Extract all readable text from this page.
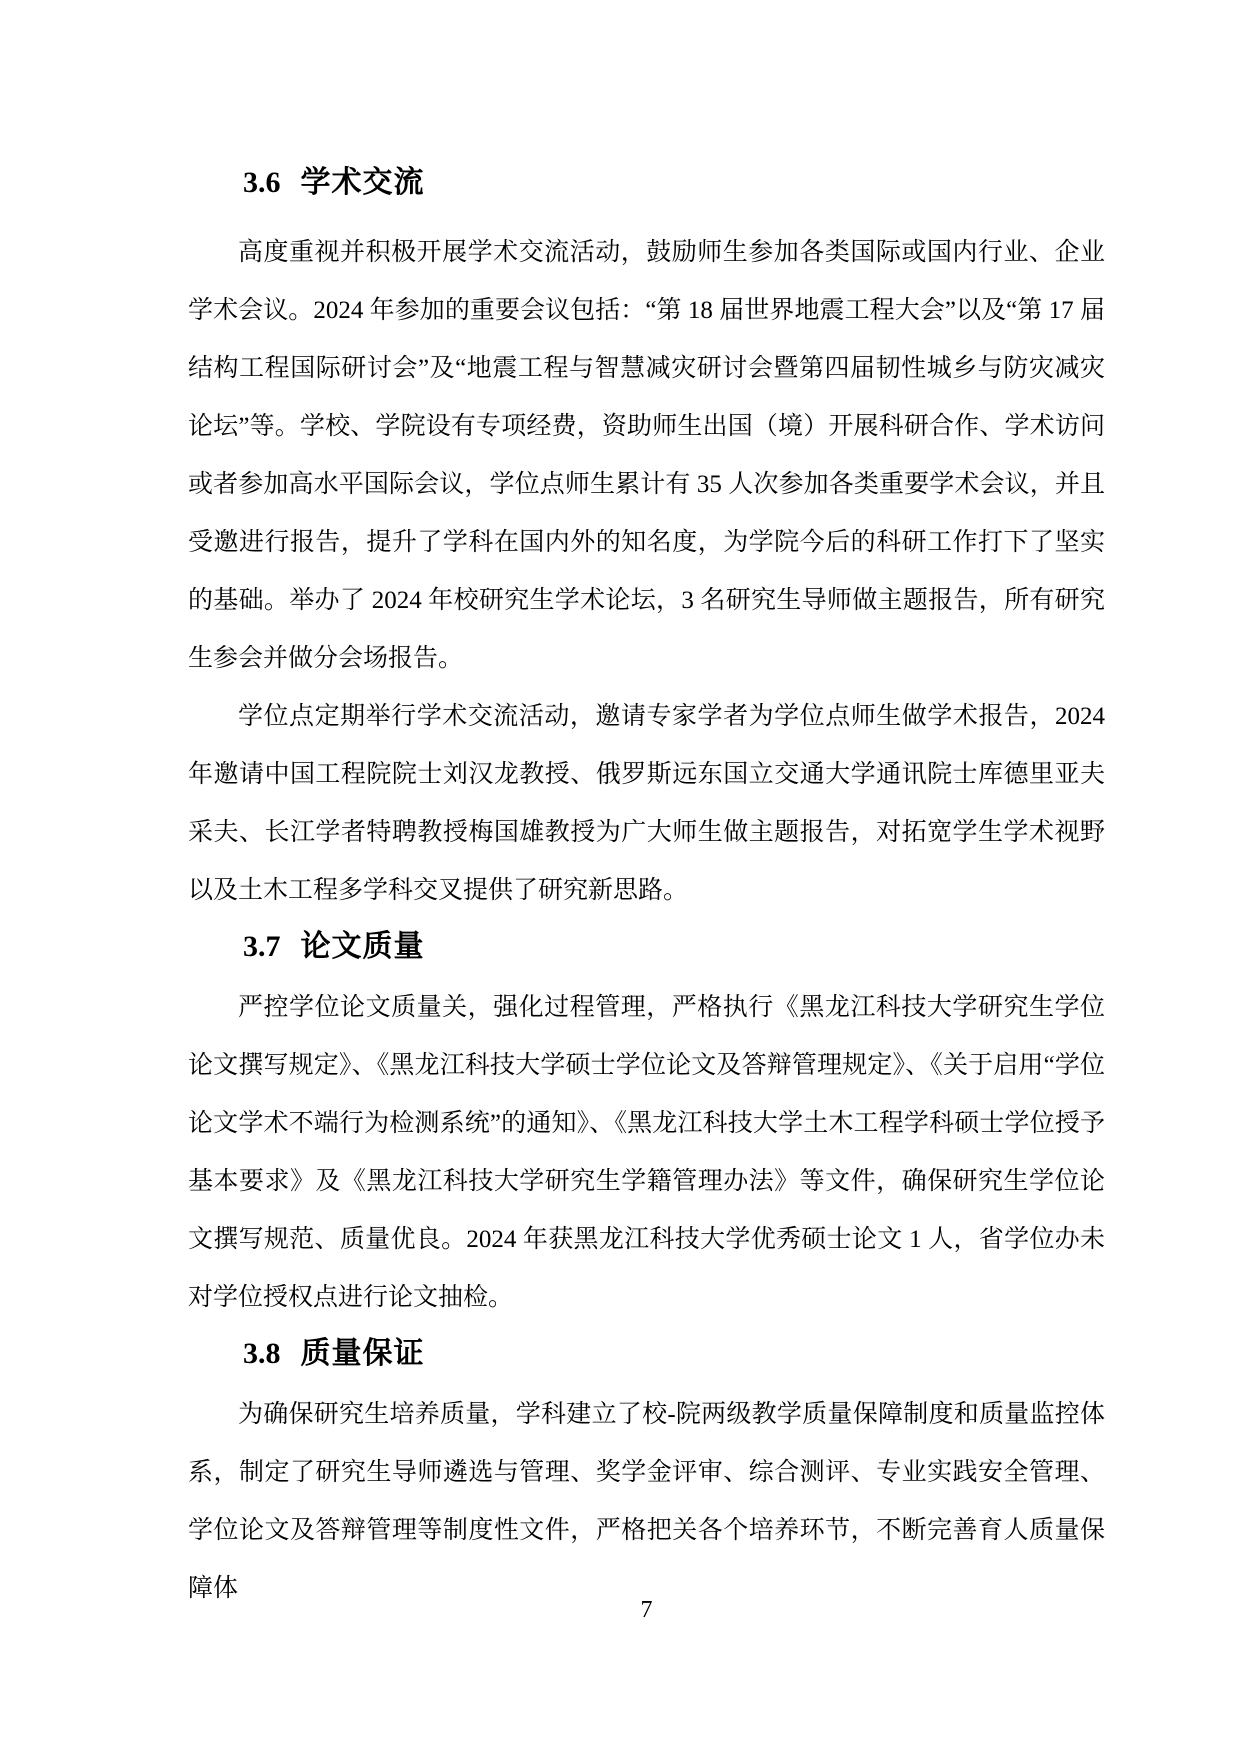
3.6 学术交流

高度重视并积极开展学术交流活动，鼓励师生参加各类国际或国内行业、企业学术会议。2024 年参加的重要会议包括：“第 18 届世界地震工程大会”以及“第 17 届结构工程国际研讨会”及“地震工程与智慧减灾研讨会暨第四届韧性城乡与防灾减灾论坛”等。学校、学院设有专项经费，资助师生出国（境）开展科研合作、学术访问或者参加高水平国际会议，学位点师生累计有 35 人次参加各类重要学术会议，并且受邀进行报告，提升了学科在国内外的知名度，为学院今后的科研工作打下了坚实的基础。举办了 2024 年校研究生学术论坛，3 名研究生导师做主题报告，所有研究生参会并做分会场报告。

学位点定期举行学术交流活动，邀请专家学者为学位点师生做学术报告，2024 年邀请中国工程院院士刘汉龙教授、俄罗斯远东国立交通大学通讯院士库德里亚夫采夫、长江学者特聘教授梅国雄教授为广大师生做主题报告，对拓宽学生学术视野以及土木工程多学科交叉提供了研究新思路。

3.7 论文质量

严控学位论文质量关，强化过程管理，严格执行《黑龙江科技大学研究生学位论文撰写规定》、《黑龙江科技大学硕士学位论文及答辩管理规定》、《关于启用“学位论文学术不端行为检测系统”的通知》、《黑龙江科技大学土木工程学科硕士学位授予基本要求》及《黑龙江科技大学研究生学籍管理办法》等文件，确保研究生学位论文撰写规范、质量优良。2024 年获黑龙江科技大学优秀硕士论文 1 人，省学位办未对学位授权点进行论文抽检。

3.8 质量保证

为确保研究生培养质量，学科建立了校-院两级教学质量保障制度和质量监控体系，制定了研究生导师遴选与管理、奖学金评审、综合测评、专业实践安全管理、学位论文及答辩管理等制度性文件，严格把关各个培养环节，不断完善育人质量保障体

7
